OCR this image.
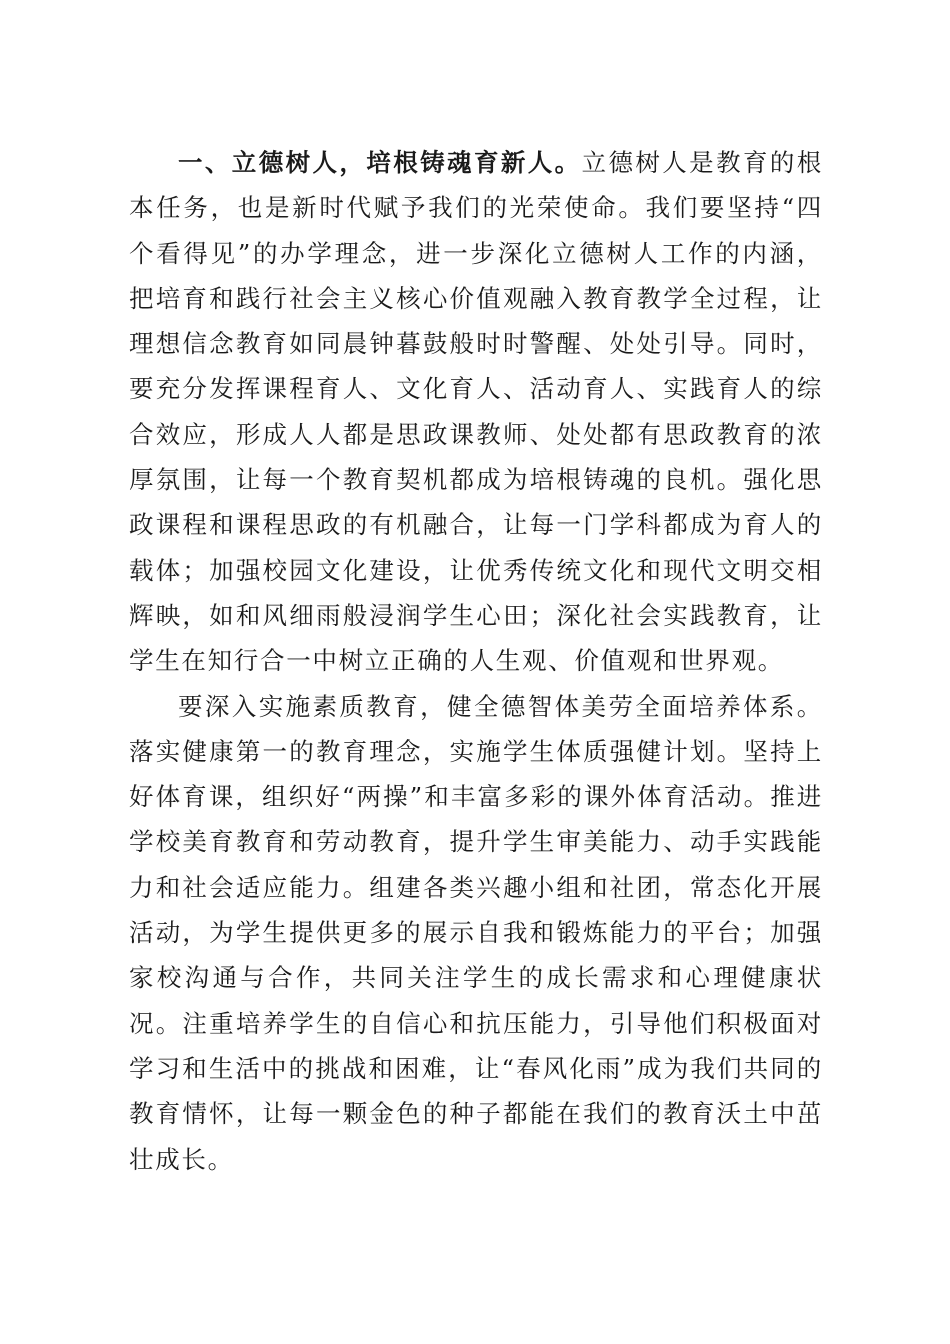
一、立德树人，培根铸魂育新人。立德树人是教育的根本任务，也是新时代赋予我们的光荣使命。我们要坚持“四个看得见”的办学理念，进一步深化立德树人工作的内涵，把培育和践行社会主义核心价值观融入教育教学全过程，让理想信念教育如同晨钟暮鼓般时时警醒、处处引导。同时，要充分发挥课程育人、文化育人、活动育人、实践育人的综合效应，形成人人都是思政课教师、处处都有思政教育的浓厚氛围，让每一个教育契机都成为培根铸魂的良机。强化思政课程和课程思政的有机融合，让每一门学科都成为育人的载体；加强校园文化建设，让优秀传统文化和现代文明交相辉映，如和风细雨般浸润学生心田；深化社会实践教育，让学生在知行合一中树立正确的人生观、价值观和世界观。

要深入实施素质教育，健全德智体美劳全面培养体系。落实健康第一的教育理念，实施学生体质强健计划。坚持上好体育课，组织好“两操”和丰富多彩的课外体育活动。推进学校美育教育和劳动教育，提升学生审美能力、动手实践能力和社会适应能力。组建各类兴趣小组和社团，常态化开展活动，为学生提供更多的展示自我和锻炼能力的平台；加强家校沟通与合作，共同关注学生的成长需求和心理健康状况。注重培养学生的自信心和抗压能力，引导他们积极面对学习和生活中的挑战和困难，让“春风化雨”成为我们共同的教育情怀，让每一颗金色的种子都能在我们的教育沃土中茁壮成长。
